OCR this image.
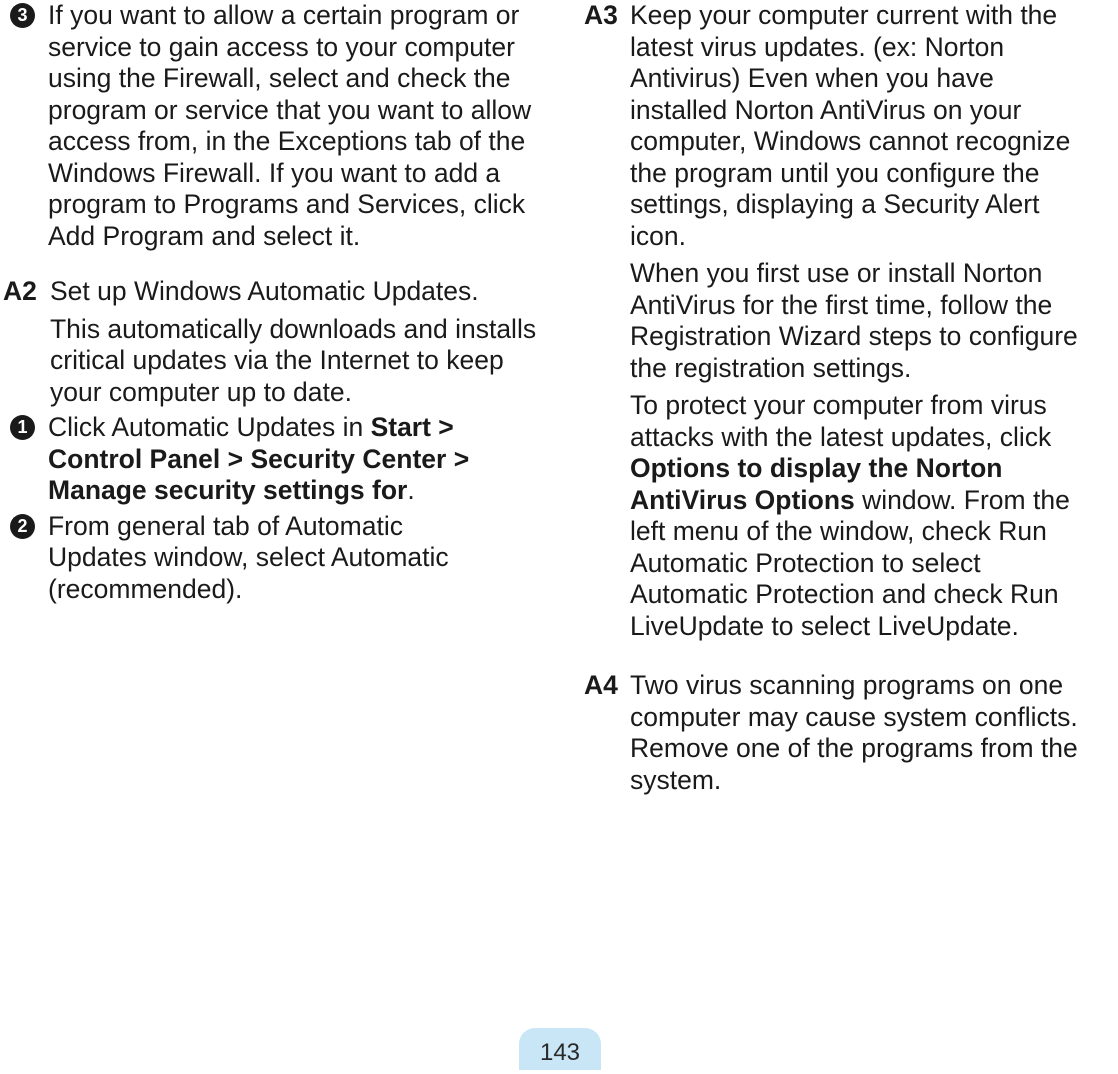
3 If you want to allow a certain program or service to gain access to your computer using the Firewall, select and check the program or service that you want to allow access from, in the Exceptions tab of the Windows Firewall. If you want to add a program to Programs and Services, click Add Program and select it.

A2 Set up Windows Automatic Updates.

This automatically downloads and installs critical updates via the Internet to keep your computer up to date.

1 Click Automatic Updates in Start > Control Panel > Security Center > Manage security settings for.

2 From general tab of Automatic Updates window, select Automatic (recommended).

A3 Keep your computer current with the latest virus updates. (ex: Norton Antivirus) Even when you have installed Norton AntiVirus on your computer, Windows cannot recognize the program until you configure the settings, displaying a Security Alert icon.

When you first use or install Norton AntiVirus for the first time, follow the Registration Wizard steps to configure the registration settings.

To protect your computer from virus attacks with the latest updates, click Options to display the Norton AntiVirus Options window. From the left menu of the window, check Run Automatic Protection to select Automatic Protection and check Run LiveUpdate to select LiveUpdate.

A4 Two virus scanning programs on one computer may cause system conflicts. Remove one of the programs from the system.

143
